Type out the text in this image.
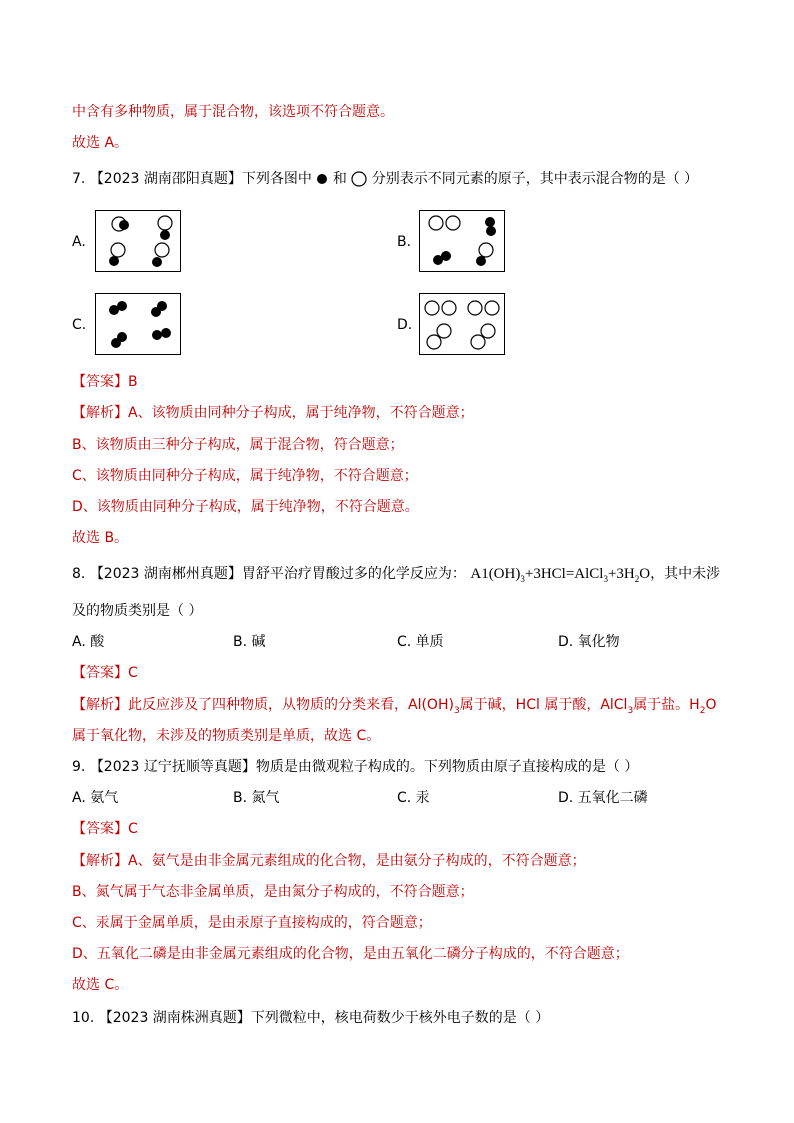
中含有多种物质，属于混合物，该选项不符合题意。
故选 A。
7. 【2023 湖南邵阳真题】下列各图中 和 分别表示不同元素的原子，其中表示混合物的是（ ）
A.	B.
C.	D.
【答案】B
【解析】A、该物质由同种分子构成，属于纯净物，不符合题意；
B、该物质由三种分子构成，属于混合物，符合题意；
C、该物质由同种分子构成，属于纯净物，不符合题意；
D、该物质由同种分子构成，属于纯净物，不符合题意。
故选 B。
8. 【2023 湖南郴州真题】胃舒平治疗胃酸过多的化学反应为： $A1(OH)_3+3HCl=AlCl_3+3H_2O$，其中未涉
及的物质类别是（ ）
A. 酸	B. 碱	C. 单质	D. 氧化物
【答案】C
【解析】此反应涉及了四种物质，从物质的分类来看，$Al(OH)_3$属于碱，HCl 属于酸，AlCl$_3$属于盐。$H_2O$
属于氧化物，未涉及的物质类别是单质，故选 C。
9. 【2023 辽宁抚顺等真题】物质是由微观粒子构成的。下列物质由原子直接构成的是（ ）
A. 氨气	B. 氮气	C. 汞	D. 五氧化二磷
【答案】C
【解析】A、氨气是由非金属元素组成的化合物，是由氨分子构成的，不符合题意；
B、氮气属于气态非金属单质，是由氮分子构成的，不符合题意；
C、汞属于金属单质，是由汞原子直接构成的，符合题意；
D、五氧化二磷是由非金属元素组成的化合物，是由五氧化二磷分子构成的，不符合题意；
故选 C。
10. 【2023 湖南株洲真题】下列微粒中，核电荷数少于核外电子数的是（ ）
